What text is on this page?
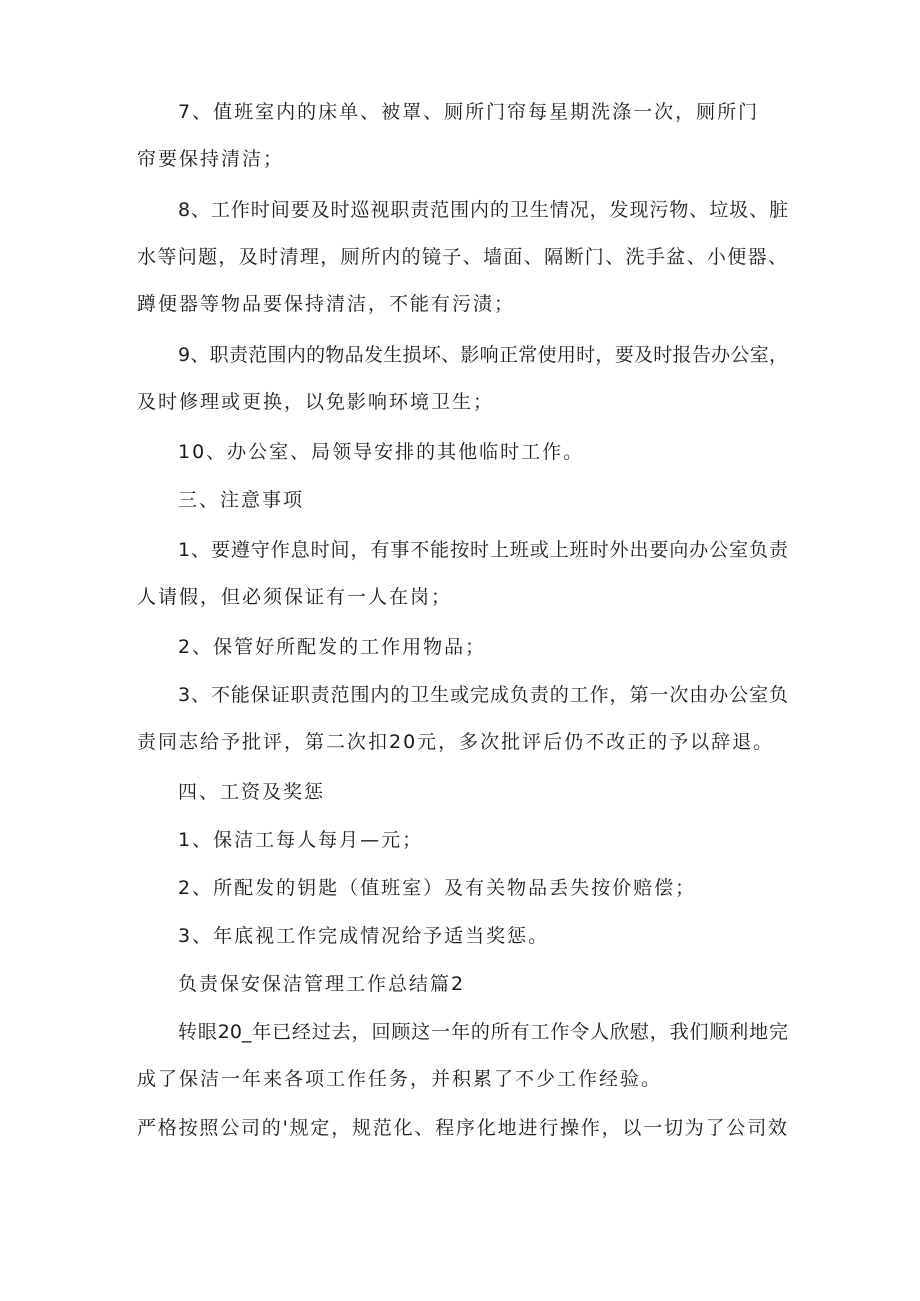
7、值班室内的床单、被罩、厕所门帘每星期洗涤一次，厕所门
帘要保持清洁；
8、工作时间要及时巡视职责范围内的卫生情况，发现污物、垃圾、脏
水等问题，及时清理，厕所内的镜子、墙面、隔断门、洗手盆、小便器、
蹲便器等物品要保持清洁，不能有污渍；
9、职责范围内的物品发生损坏、影响正常使用时，要及时报告办公室，
及时修理或更换，以免影响环境卫生；
10、办公室、局领导安排的其他临时工作。
三、注意事项
1、要遵守作息时间，有事不能按时上班或上班时外出要向办公室负责
人请假，但必须保证有一人在岗；
2、保管好所配发的工作用物品；
3、不能保证职责范围内的卫生或完成负责的工作，第一次由办公室负
责同志给予批评，第二次扣20元，多次批评后仍不改正的予以辞退。
四、工资及奖惩
1、保洁工每人每月—元；
2、所配发的钥匙（值班室）及有关物品丢失按价赔偿；
3、年底视工作完成情况给予适当奖惩。
负责保安保洁管理工作总结篇2
转眼20_年已经过去，回顾这一年的所有工作令人欣慰，我们顺利地完
成了保洁一年来各项工作任务，并积累了不少工作经验。
严格按照公司的'规定，规范化、程序化地进行操作，以一切为了公司效
